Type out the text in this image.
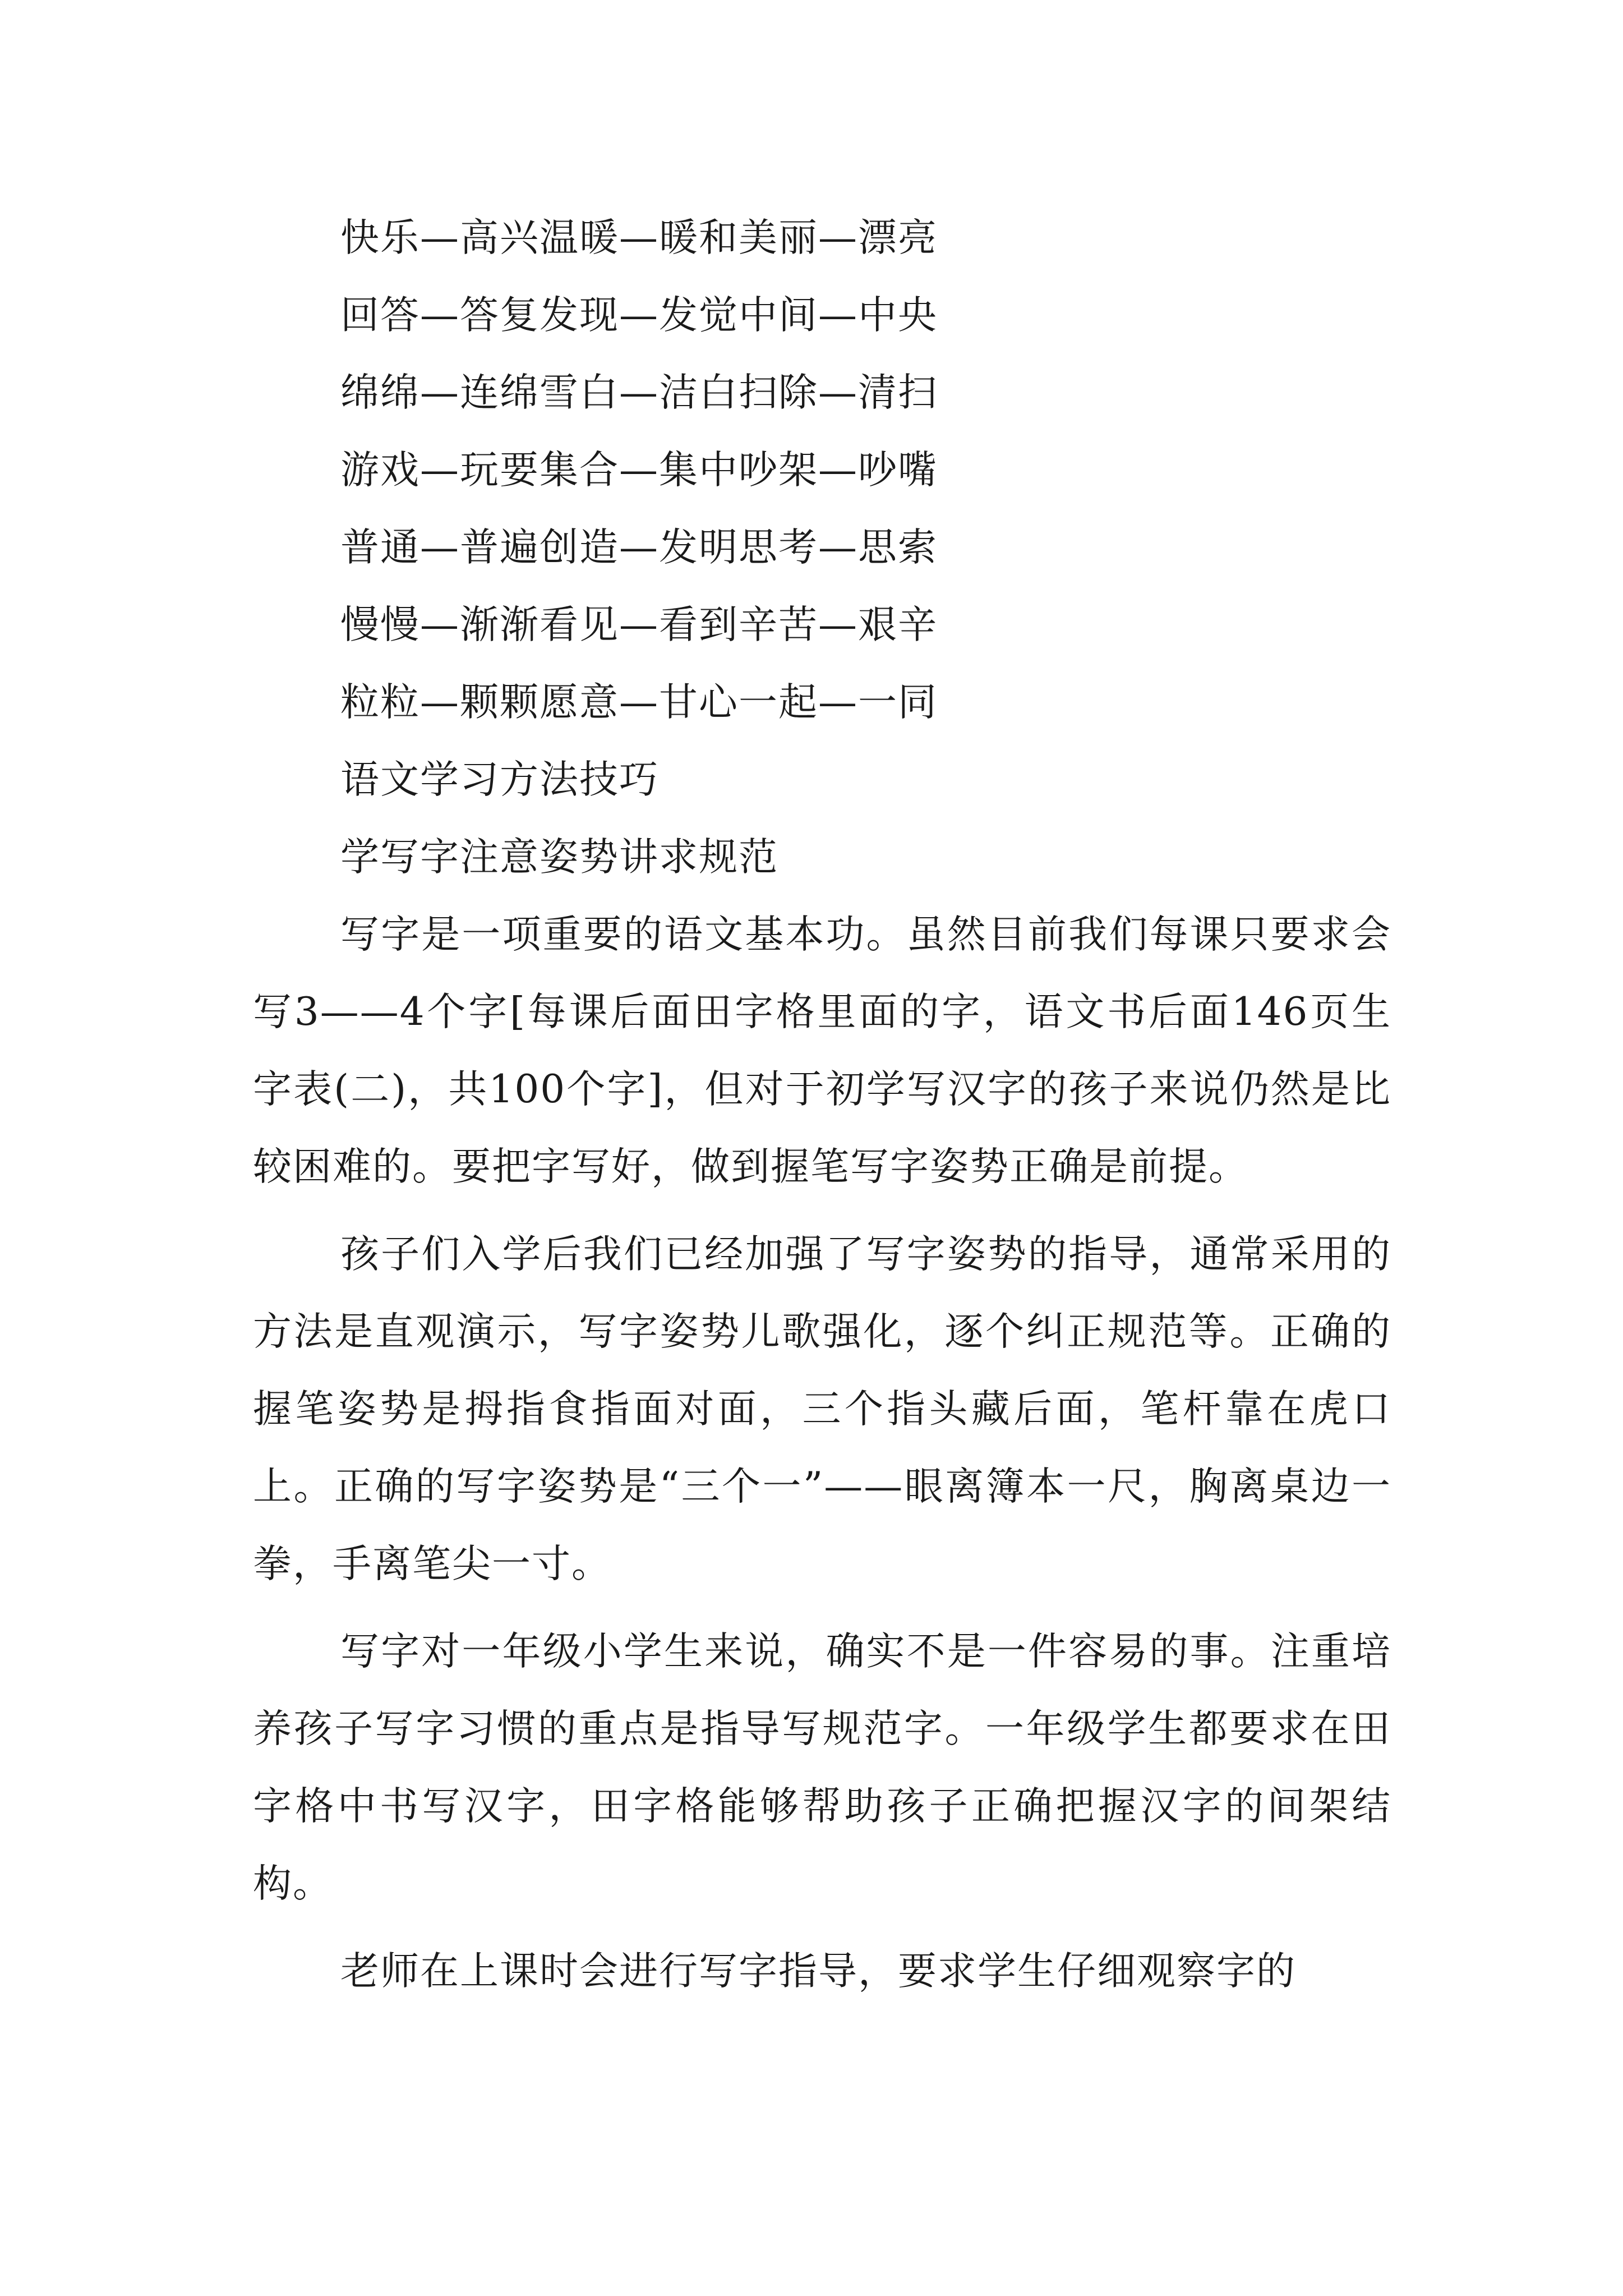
快乐—高兴温暖—暖和美丽—漂亮

回答—答复发现—发觉中间—中央

绵绵—连绵雪白—洁白扫除—清扫

游戏—玩要集合—集中吵架—吵嘴

普通—普遍创造—发明思考—思索

慢慢—渐渐看见—看到辛苦—艰辛

粒粒—颗颗愿意—甘心一起—一同

语文学习方法技巧

学写字注意姿势讲求规范

写字是一项重要的语文基本功。虽然目前我们每课只要求会写3——4个字[每课后面田字格里面的字，语文书后面146页生字表(二)，共100个字]，但对于初学写汉字的孩子来说仍然是比较困难的。要把字写好，做到握笔写字姿势正确是前提。

孩子们入学后我们已经加强了写字姿势的指导，通常采用的方法是直观演示，写字姿势儿歌强化，逐个纠正规范等。正确的握笔姿势是拇指食指面对面，三个指头藏后面，笔杆靠在虎口上。正确的写字姿势是“三个一”——眼离簿本一尺，胸离桌边一拳，手离笔尖一寸。

写字对一年级小学生来说，确实不是一件容易的事。注重培养孩子写字习惯的重点是指导写规范字。一年级学生都要求在田字格中书写汉字，田字格能够帮助孩子正确把握汉字的间架结构。

老师在上课时会进行写字指导，要求学生仔细观察字的
